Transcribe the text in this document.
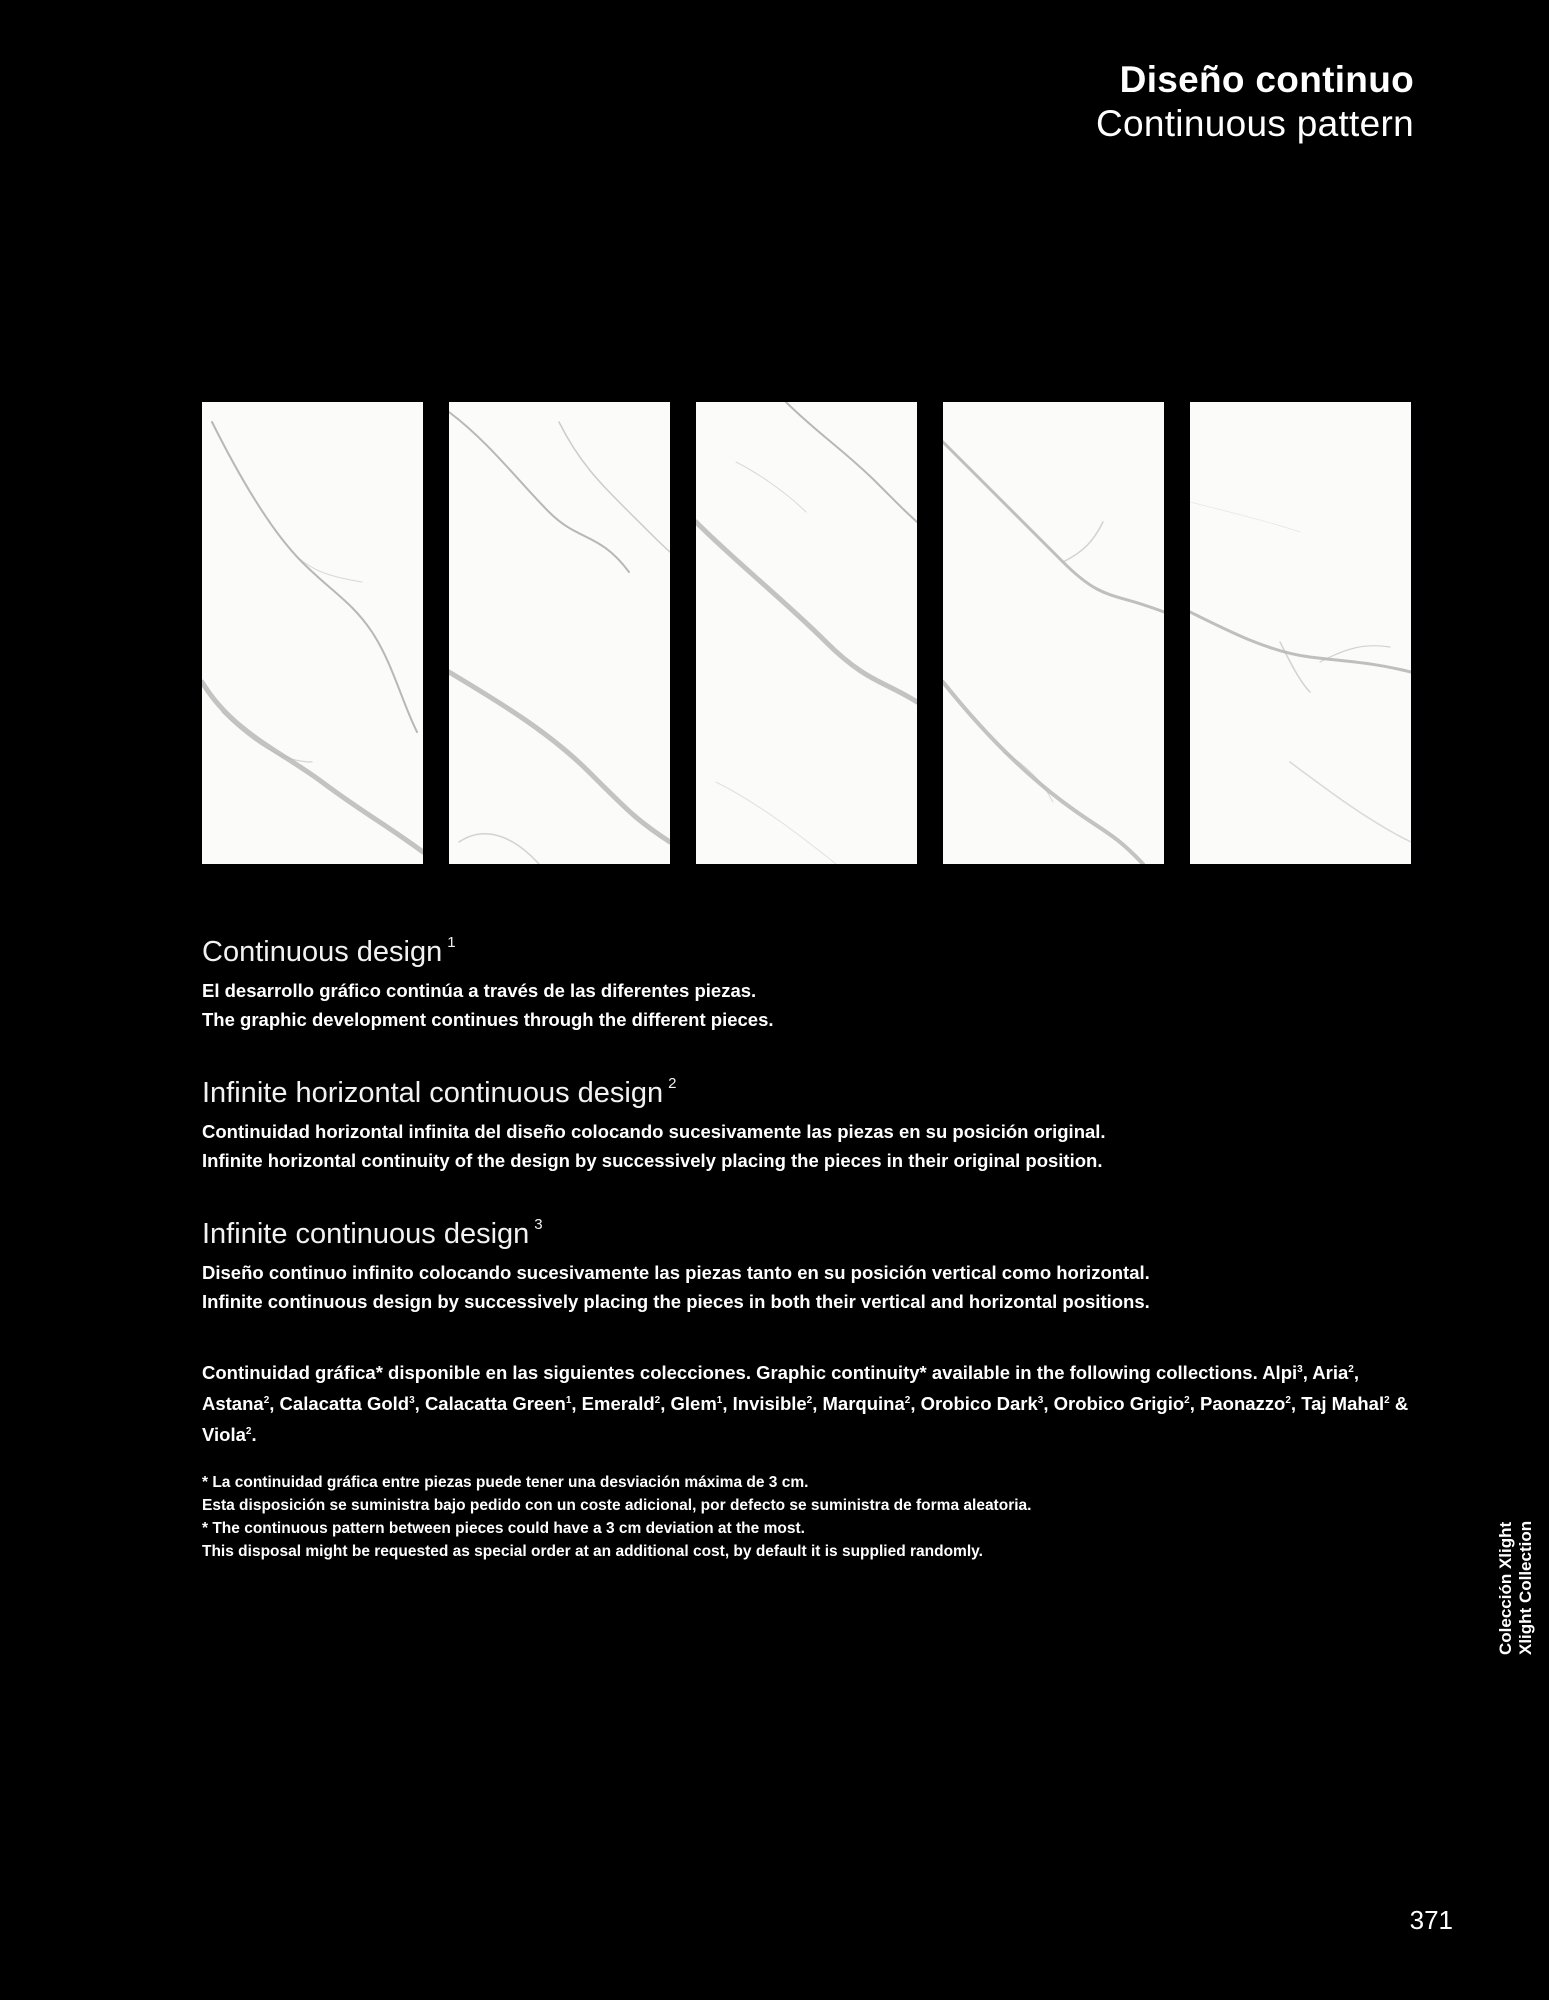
Diseño continuo
Continuous pattern
Continuous design $^1$

El desarrollo gráfico continúa a través de las diferentes piezas.

The graphic development continues through the different pieces.

Infinite horizontal continuous design $^2$

Continuidad horizontal infinita del diseño colocando sucesivamente las piezas en su posición original.

Infinite horizontal continuity of the design by successively placing the pieces in their original position.

Infinite continuous design $^3$

Diseño continuo infinito colocando sucesivamente las piezas tanto en su posición vertical como horizontal.

Infinite continuous design by successively placing the pieces in both their vertical and horizontal positions.

Continuidad gráfica* disponible en las siguientes colecciones. Graphic continuity* available in the following collections. Alpi$^3$, Aria$^2$, Astana$^2$, Calacatta Gold$^3$, Calacatta Green$^1$, Emerald$^2$, Glem$^1$, Invisible$^2$, Marquina$^2$, Orobico Dark$^3$, Orobico Grigio$^2$, Paonazzo$^2$, Taj Mahal$^2$ & Viola$^2$.
* La continuidad gráfica entre piezas puede tener una desviación máxima de 3 cm.
Esta disposición se suministra bajo pedido con un coste adicional, por defecto se suministra de forma aleatoria.
* The continuous pattern between pieces could have a 3 cm deviation at the most.
This disposal might be requested as special order at an additional cost, by default it is supplied randomly.	Colección Xlight Xlight Collection
371
